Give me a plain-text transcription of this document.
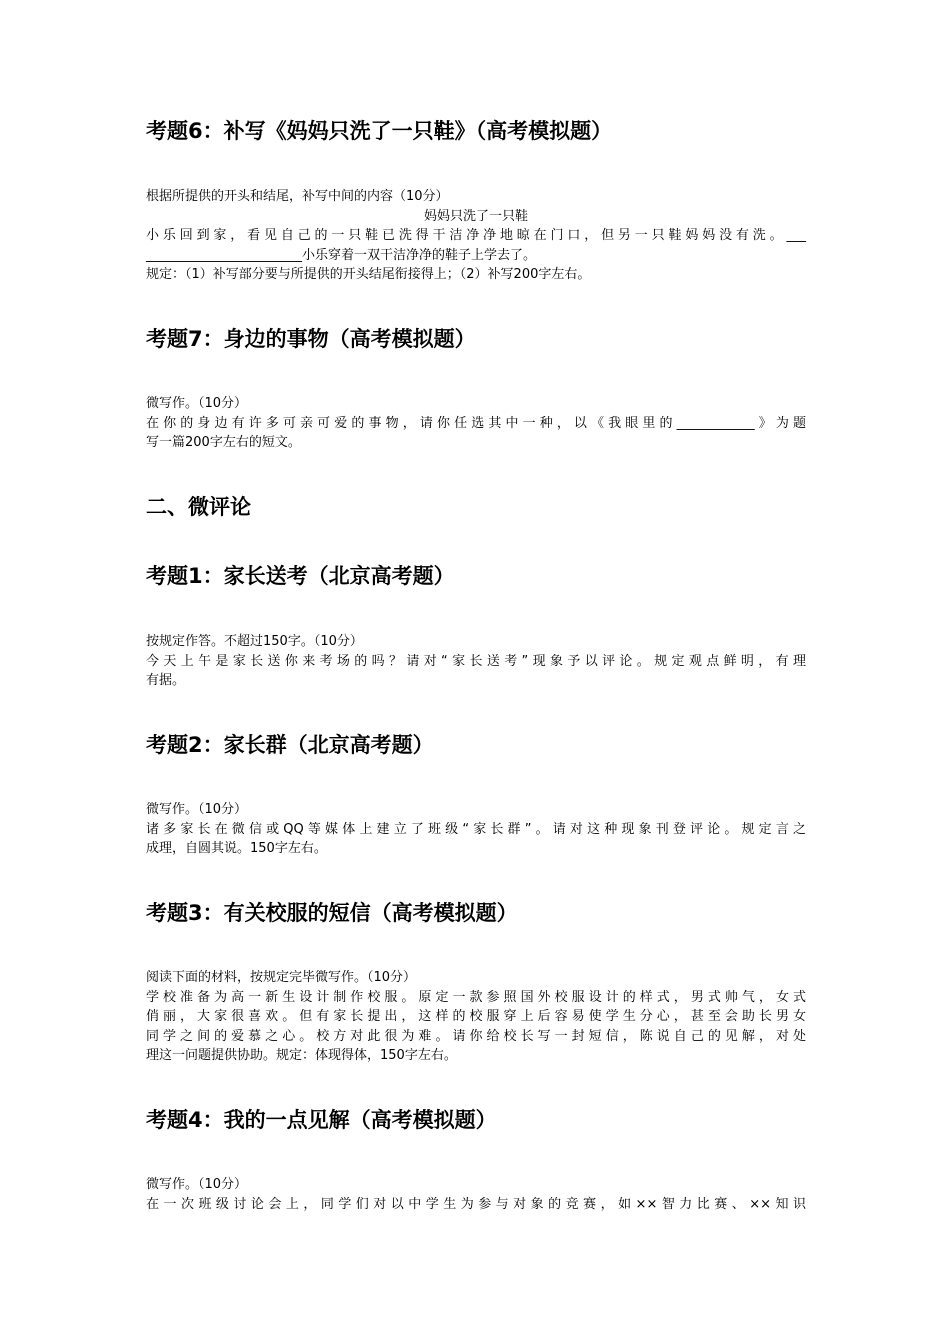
考题6：补写《妈妈只洗了一只鞋》（高考模拟题）
根据所提供的开头和结尾，补写中间的内容（10分）
妈妈只洗了一只鞋
小乐回到家，看见自己的一只鞋已洗得干洁净净地晾在门口，但另一只鞋妈妈没有洗。___
________________________小乐穿着一双干洁净净的鞋子上学去了。
规定：（1）补写部分要与所提供的开头结尾衔接得上；（2）补写200字左右。
考题7：身边的事物（高考模拟题）
微写作。（10分）
在你的身边有许多可亲可爱的事物，请你任选其中一种，以《我眼里的____________》为题
写一篇200字左右的短文。
二、微评论
考题1：家长送考（北京高考题）
按规定作答。不超过150字。（10分）
今天上午是家长送你来考场的吗？请对“家长送考”现象予以评论。规定观点鲜明，有理
有据。
考题2：家长群（北京高考题）
微写作。（10分）
诸多家长在微信或QQ等媒体上建立了班级“家长群”。请对这种现象刊登评论。规定言之
成理，自圆其说。150字左右。
考题3：有关校服的短信（高考模拟题）
阅读下面的材料，按规定完毕微写作。（10分）
学校准备为高一新生设计制作校服。原定一款参照国外校服设计的样式，男式帅气，女式
俏丽，大家很喜欢。但有家长提出，这样的校服穿上后容易使学生分心，甚至会助长男女
同学之间的爱慕之心。校方对此很为难。请你给校长写一封短信，陈说自己的见解，对处
理这一问题提供协助。规定：体现得体，150字左右。
考题4：我的一点见解（高考模拟题）
微写作。（10分）
在一次班级讨论会上，同学们对以中学生为参与对象的竞赛，如××智力比赛、××知识
